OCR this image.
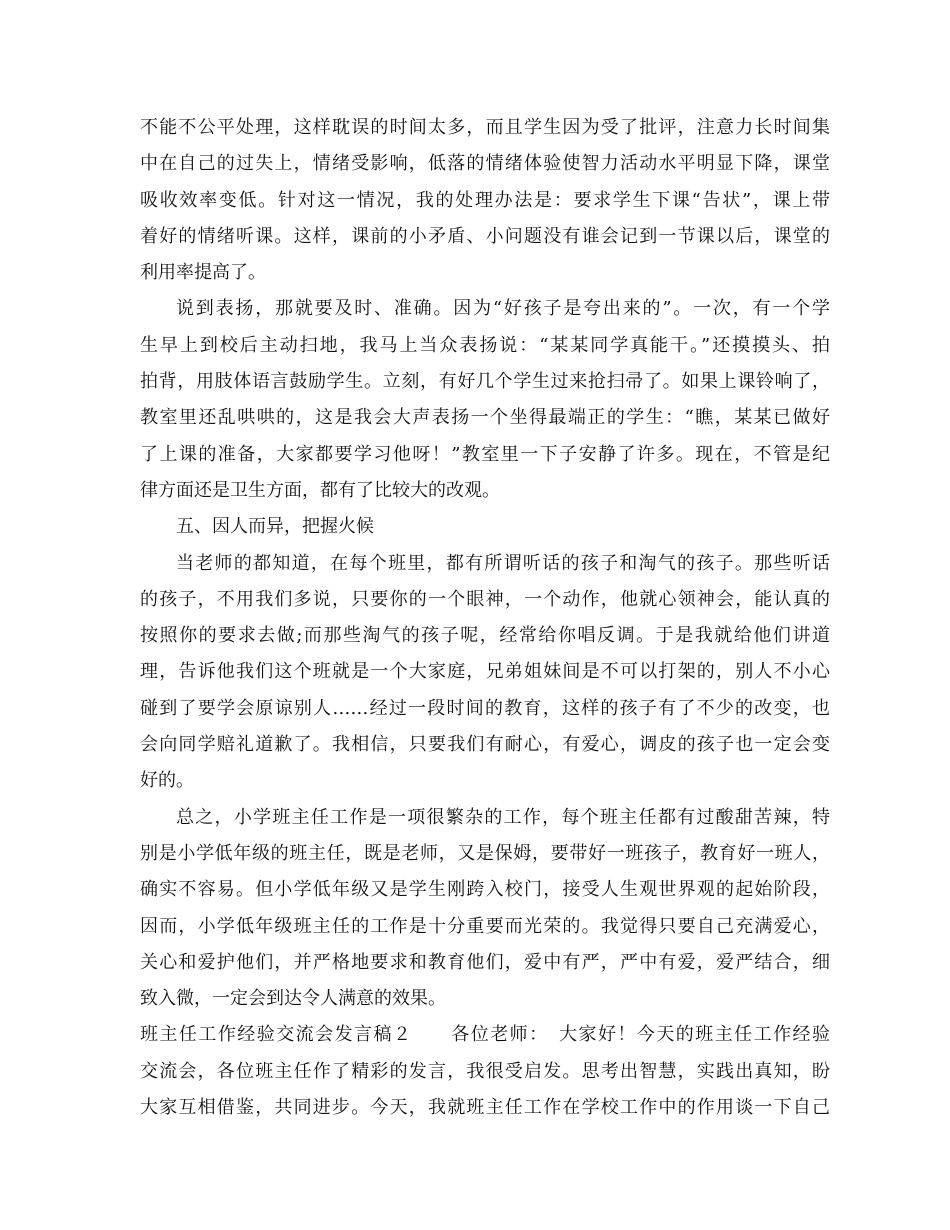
不能不公平处理，这样耽误的时间太多，而且学生因为受了批评，注意力长时间集
中在自己的过失上，情绪受影响，低落的情绪体验使智力活动水平明显下降，课堂
吸收效率变低。针对这一情况，我的处理办法是：要求学生下课“告状”，课上带
着好的情绪听课。这样，课前的小矛盾、小问题没有谁会记到一节课以后，课堂的
利用率提高了。
说到表扬，那就要及时、准确。因为“好孩子是夸出来的”。一次，有一个学
生早上到校后主动扫地，我马上当众表扬说：“某某同学真能干。”还摸摸头、拍
拍背，用肢体语言鼓励学生。立刻，有好几个学生过来抢扫帚了。如果上课铃响了，
教室里还乱哄哄的，这是我会大声表扬一个坐得最端正的学生：“瞧，某某已做好
了上课的准备，大家都要学习他呀！”教室里一下子安静了许多。现在，不管是纪
律方面还是卫生方面，都有了比较大的改观。
五、因人而异，把握火候
当老师的都知道，在每个班里，都有所谓听话的孩子和淘气的孩子。那些听话
的孩子，不用我们多说，只要你的一个眼神，一个动作，他就心领神会，能认真的
按照你的要求去做;而那些淘气的孩子呢，经常给你唱反调。于是我就给他们讲道
理，告诉他我们这个班就是一个大家庭，兄弟姐妹间是不可以打架的，别人不小心
碰到了要学会原谅别人……经过一段时间的教育，这样的孩子有了不少的改变，也
会向同学赔礼道歉了。我相信，只要我们有耐心，有爱心，调皮的孩子也一定会变
好的。
总之，小学班主任工作是一项很繁杂的工作，每个班主任都有过酸甜苦辣，特
别是小学低年级的班主任，既是老师，又是保姆，要带好一班孩子，教育好一班人，
确实不容易。但小学低年级又是学生刚跨入校门，接受人生观世界观的起始阶段，
因而，小学低年级班主任的工作是十分重要而光荣的。我觉得只要自己充满爱心，
关心和爱护他们，并严格地要求和教育他们，爱中有严，严中有爱，爱严结合，细
致入微，一定会到达令人满意的效果。
班主任工作经验交流会发言稿２　　各位老师：　大家好！今天的班主任工作经验
交流会，各位班主任作了精彩的发言，我很受启发。思考出智慧，实践出真知，盼
大家互相借鉴，共同进步。今天，我就班主任工作在学校工作中的作用谈一下自己
